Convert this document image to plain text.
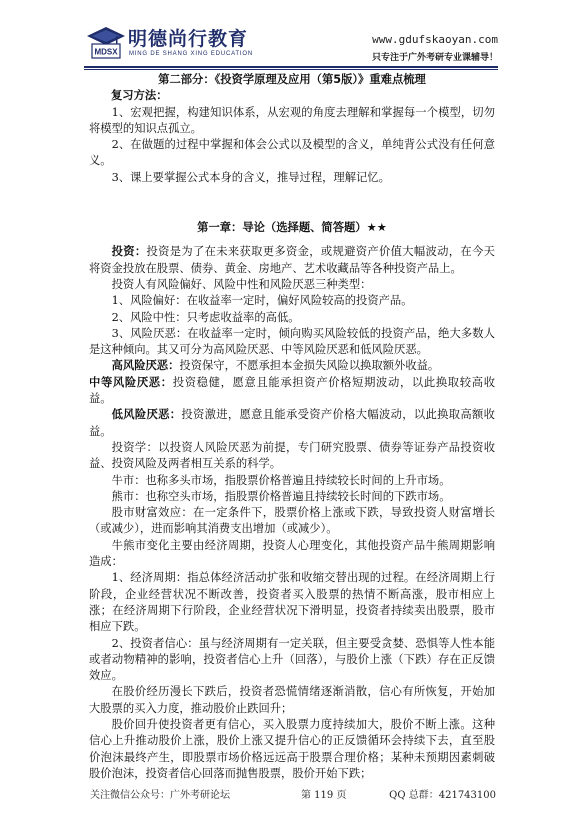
MDSX
明德尚行教育
MING DE SHANG XING EDUCATION
www.gdufskaoyan.com
只专注于广外考研专业课辅导！
第二部分：《投资学原理及应用（第5版）》重难点梳理
复习方法：

1、宏观把握，构建知识体系，从宏观的角度去理解和掌握每一个模型，切勿将模型的知识点孤立。

2、在做题的过程中掌握和体会公式以及模型的含义，单纯背公式没有任何意义。

3、课上要掌握公式本身的含义，推导过程，理解记忆。

第一章：导论（选择题、简答题）★★

投资：投资是为了在未来获取更多资金，或规避资产价值大幅波动，在今天将资金投放在股票、债券、黄金、房地产、艺术收藏品等各种投资产品上。

投资人有风险偏好、风险中性和风险厌恶三种类型：

1、风险偏好：在收益率一定时，偏好风险较高的投资产品。

2、风险中性：只考虑收益率的高低。

3、风险厌恶：在收益率一定时，倾向购买风险较低的投资产品，绝大多数人是这种倾向。其又可分为高风险厌恶、中等风险厌恶和低风险厌恶。

高风险厌恶：投资保守，不愿承担本金损失风险以换取额外收益。

中等风险厌恶：投资稳健，愿意且能承担资产价格短期波动，以此换取较高收益。

低风险厌恶：投资激进，愿意且能承受资产价格大幅波动，以此换取高额收益。

投资学：以投资人风险厌恶为前提，专门研究股票、债券等证券产品投资收益、投资风险及两者相互关系的科学。

牛市：也称多头市场，指股票价格普遍且持续较长时间的上升市场。

熊市：也称空头市场，指股票价格普遍且持续较长时间的下跌市场。

股市财富效应：在一定条件下，股票价格上涨或下跌，导致投资人财富增长（或减少），进而影响其消费支出增加（或减少）。

牛熊市变化主要由经济周期，投资人心理变化，其他投资产品牛熊周期影响造成：

1、经济周期：指总体经济活动扩张和收缩交替出现的过程。在经济周期上行阶段，企业经营状况不断改善，投资者买入股票的热情不断高涨，股市相应上涨；在经济周期下行阶段，企业经营状况下滑明显，投资者持续卖出股票，股市相应下跌。

2、投资者信心：虽与经济周期有一定关联，但主要受贪婪、恐惧等人性本能或者动物精神的影响，投资者信心上升（回落），与股价上涨（下跌）存在正反馈效应。

在股价经历漫长下跌后，投资者恐慌情绪逐渐消散，信心有所恢复，开始加大股票的买入力度，推动股价止跌回升；

股价回升使投资者更有信心，买入股票力度持续加大，股价不断上涨。这种信心上升推动股价上涨，股价上涨又提升信心的正反馈循环会持续下去，直至股价泡沫最终产生，即股票市场价格远远高于股票合理价格；某种未预期因素刺破股价泡沫，投资者信心回落而抛售股票，股价开始下跌；

关注微信公众号：广外考研论坛	第 119 页	QQ 总群：421743100
